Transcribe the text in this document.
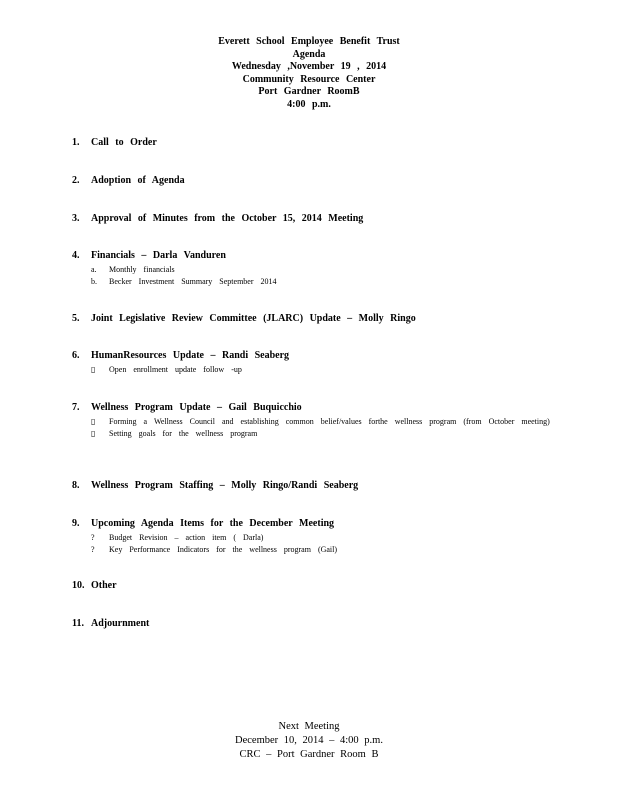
Everett School Employee Benefit Trust
Agenda
Wednesday ,November 19 , 2014
Community Resource Center
Port Gardner RoomB
4:00 p.m.
1. Call to Order
2. Adoption of Agenda
3. Approval of Minutes from the October 15, 2014 Meeting
4. Financials – Darla Vanduren
a.	Monthly financials
b.	Becker Investment Summary September 2014
5. Joint Legislative Review Committee (JLARC) Update – Molly Ringo
6. HumanResources Update – Randi Seaberg
▯	Open enrollment update follow -up
7. Wellness Program Update – Gail Buquicchio
▯	Forming a Wellness Council and establishing common belief/values forthe wellness program (from October meeting)
▯	Setting goals for the wellness program
8. Wellness Program Staffing – Molly Ringo/Randi Seaberg
9. Upcoming Agenda Items for the December Meeting
?	Budget Revision – action item ( Darla)
?	Key Performance Indicators for the wellness program (Gail)
10. Other
11. Adjournment
Next Meeting
December 10, 2014 – 4:00 p.m.
CRC – Port Gardner Room B
